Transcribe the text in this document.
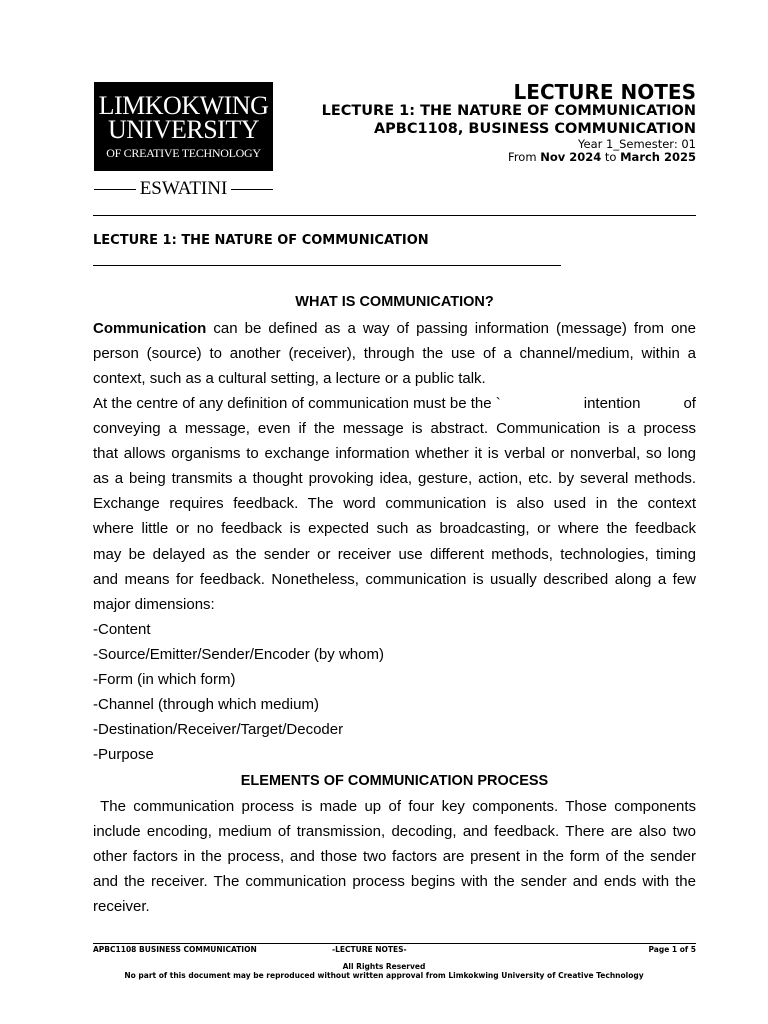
LIMKOKWING
UNIVERSITY
OF CREATIVE TECHNOLOGY
ESWATINI
LECTURE NOTES
LECTURE 1: THE NATURE OF COMMUNICATION
APBC1108, BUSINESS COMMUNICATION
Year 1_Semester: 01
From Nov 2024 to March 2025
LECTURE 1: THE NATURE OF COMMUNICATION
WHAT IS COMMUNICATION?
Communication can be defined as a way of passing information (message) from one
person (source) to another (receiver), through the use of a channel/medium, within a
context, such as a cultural setting, a lecture or a public talk.
At the centre of any definition of communication must be the `	intention	of
conveying a message, even if the message is abstract. Communication is a process
that allows organisms to exchange information whether it is verbal or nonverbal, so long
as a being transmits a thought provoking idea, gesture, action, etc. by several methods.
Exchange requires feedback. The word communication is also used in the context
where little or no feedback is expected such as broadcasting, or where the feedback
may be delayed as the sender or receiver use different methods, technologies, timing
and means for feedback. Nonetheless, communication is usually described along a few
major dimensions:
-Content
-Source/Emitter/Sender/Encoder (by whom)
-Form (in which form)
-Channel (through which medium)
-Destination/Receiver/Target/Decoder
-Purpose
ELEMENTS OF COMMUNICATION PROCESS
The communication process is made up of four key components. Those components
include encoding, medium of transmission, decoding, and feedback. There are also two
other factors in the process, and those two factors are present in the form of the sender
and the receiver. The communication process begins with the sender and ends with the
receiver.
APBC1108 BUSINESS COMMUNICATION	-LECTURE NOTES-	Page 1 of 5
All Rights Reserved
No part of this document may be reproduced without written approval from Limkokwing University of Creative Technology
